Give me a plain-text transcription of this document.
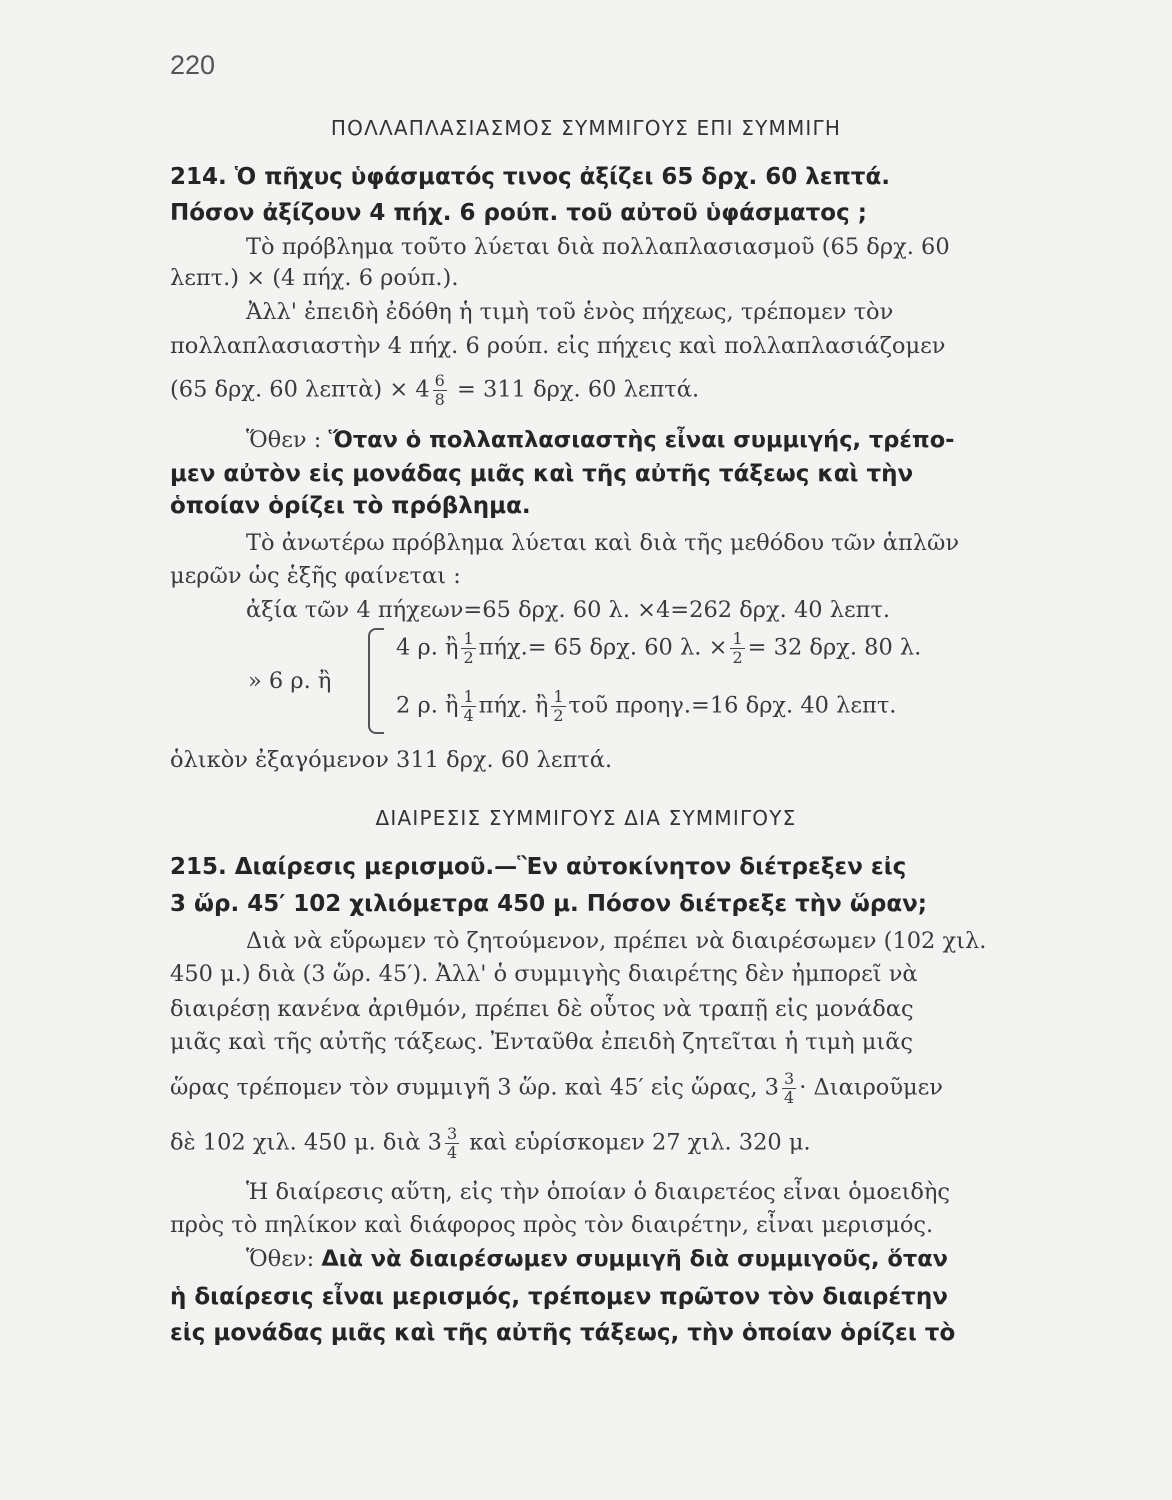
220
ΠΟΛΛΑΠΛΑΣΙΑΣΜΟΣ ΣΥΜΜΙΓΟΥΣ ΕΠΙ ΣΥΜΜΙΓΗ
214. Ὁ πῆχυς ὑφάσματός τινος ἀξίζει 65 δρχ. 60 λεπτά.
Πόσον ἀξίζουν 4 πήχ. 6 ρούπ. τοῦ αὐτοῦ ὑφάσματος ;
Τὸ πρόβλημα τοῦτο λύεται διὰ πολλαπλασιασμοῦ (65 δρχ. 60
λεπτ.) × (4 πήχ. 6 ρούπ.).
Ἀλλ' ἐπειδὴ ἐδόθη ἡ τιμὴ τοῦ ἑνὸς πήχεως, τρέπομεν τὸν
πολλαπλασιαστὴν 4 πήχ. 6 ρούπ. εἰς πήχεις καὶ πολλαπλασιάζομεν
(65 δρχ. 60 λεπτὰ) × $4 \frac{6}{8} = 311$ δρχ. 60 λεπτά.
Ὅθεν : Ὅταν ὁ πολλαπλασιαστὴς εἶναι συμμιγής, τρέπο-
μεν αὐτὸν εἰς μονάδας μιᾶς καὶ τῆς αὐτῆς τάξεως καὶ τὴν
ὁποίαν ὁρίζει τὸ πρόβλημα.
Τὸ ἀνωτέρω πρόβλημα λύεται καὶ διὰ τῆς μεθόδου τῶν ἁπλῶν
μερῶν ὡς ἑξῆς φαίνεται :
ἀξία τῶν 4 πήχεων=65 δρχ. 60 λ. ×4=262 δρχ. 40 λεπτ.
» 6 ρ. ἢ
4 ρ. ἢ $\frac{1}{2} \pi ή\chi.= 65$ δρχ. 60 λ. × $\frac{1}{2} = 32$ δρχ. 80 λ.
2 ρ. ἢ $\frac{1}{4} \pi ή\chi$. ἢ $\frac{1}{2}$ τοῦ προηγ.=16 δρχ. 40 λεπτ.
ὁλικὸν ἐξαγόμενον 311 δρχ. 60 λεπτά.
ΔΙΑΙΡΕΣΙΣ ΣΥΜΜΙΓΟΥΣ ΔΙΑ ΣΥΜΜΙΓΟΥΣ
215. Διαίρεσις μερισμοῦ.—Ἓν αὐτοκίνητον διέτρεξεν εἰς
3 ὥρ. 45′ 102 χιλιόμετρα 450 μ. Πόσον διέτρεξε τὴν ὥραν;
Διὰ νὰ εὕρωμεν τὸ ζητούμενον, πρέπει νὰ διαιρέσωμεν (102 χιλ.
450 μ.) διὰ (3 ὥρ. 45′). Ἀλλ' ὁ συμμιγὴς διαιρέτης δὲν ἠμπορεῖ νὰ
διαιρέσῃ κανένα ἀριθμόν, πρέπει δὲ οὗτος νὰ τραπῇ εἰς μονάδας
μιᾶς καὶ τῆς αὐτῆς τάξεως. Ἐνταῦθα ἐπειδὴ ζητεῖται ἡ τιμὴ μιᾶς
ὥρας τρέπομεν τὸν συμμιγῆ 3 ὥρ. καὶ 45′ εἰς ὥρας, $3 \frac{3}{4}$ · Διαιροῦμεν
δὲ 102 χιλ. 450 μ. διὰ $3 \frac{3}{4}$ καὶ εὑρίσκομεν 27 χιλ. 320 μ.
Ἡ διαίρεσις αὕτη, εἰς τὴν ὁποίαν ὁ διαιρετέος εἶναι ὁμοειδὴς
πρὸς τὸ πηλίκον καὶ διάφορος πρὸς τὸν διαιρέτην, εἶναι μερισμός.
Ὅθεν: Διὰ νὰ διαιρέσωμεν συμμιγῆ διὰ συμμιγοῦς, ὅταν
ἡ διαίρεσις εἶναι μερισμός, τρέπομεν πρῶτον τὸν διαιρέτην
εἰς μονάδας μιᾶς καὶ τῆς αὐτῆς τάξεως, τὴν ὁποίαν ὁρίζει τὸ
